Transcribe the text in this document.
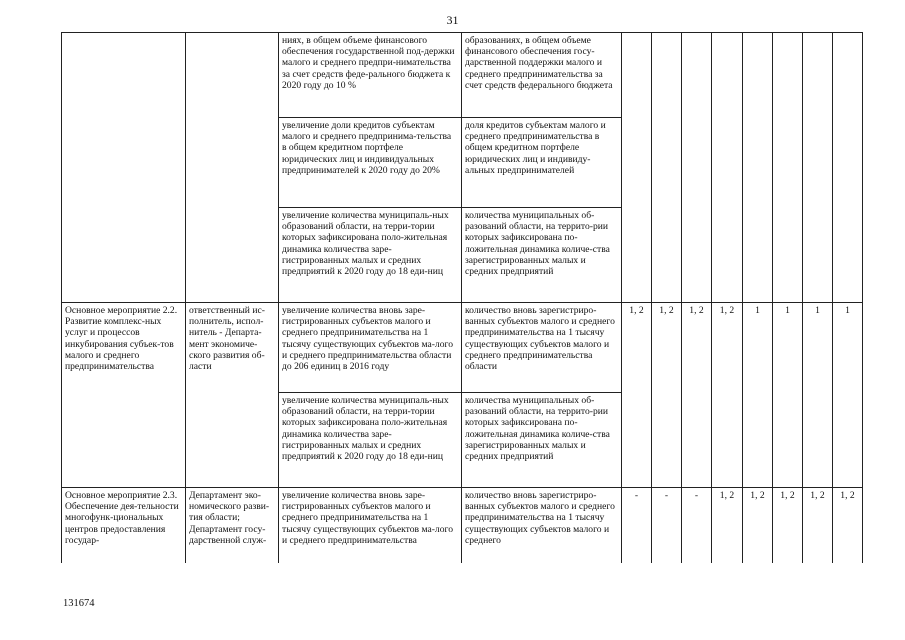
31

		ниях, в общем объеме финансового обеспечения государственной под-держки малого и среднего предпри-нимательства за счет средств феде-рального бюджета к 2020 году до 10 %	образованиях, в общем объеме финансового обеспечения госу-дарственной поддержки малого и среднего предпринимательства за счет средств федерального бюджета								

		увеличение доли кредитов субъектам малого и среднего предпринима-тельства в общем кредитном портфеле юридических лиц и индивидуальных предпринимателей к 2020 году до 20%	доля кредитов субъектам малого и среднего предпринимательства в общем кредитном портфеле юридических лиц и индивиду-альных предпринимателей								

		увеличение количества муниципаль-ных образований области, на терри-тории которых зафиксирована поло-жительная динамика количества заре-гистрированных малых и средних предприятий к 2020 году до 18 еди-ниц	количества муниципальных об-разований области, на террито-рии которых зафиксирована по-ложительная динамика количе-ства зарегистрированных малых и средних предприятий								

Основное мероприятие 2.2. Развитие комплекс-ных услуг и процессов инкубирования субъек-тов малого и среднего предпринимательства	ответственный ис-полнитель, испол-нитель - Департа-мент экономиче-ского развития об-ласти	увеличение количества вновь заре-гистрированных субъектов малого и среднего предпринимательства на 1 тысячу существующих субъектов ма-лого и среднего предпринимательства области до 206 единиц в 2016 году	количество вновь зарегистриро-ванных субъектов малого и среднего предпринимательства на 1 тысячу существующих субъектов малого и среднего предпринимательства области	1, 2	1, 2	1, 2	1, 2	1	1	1	1

		увеличение количества муниципаль-ных образований области, на терри-тории которых зафиксирована поло-жительная динамика количества заре-гистрированных малых и средних предприятий к 2020 году до 18 еди-ниц	количества муниципальных об-разований области, на террито-рии которых зафиксирована по-ложительная динамика количе-ства зарегистрированных малых и средних предприятий								

Основное мероприятие 2.3. Обеспечение дея-тельности многофунк-циональных центров предоставления государ-	Департамент эко-номического разви-тия области; Департамент госу-дарственной служ-	увеличение количества вновь заре-гистрированных субъектов малого и среднего предпринимательства на 1 тысячу существующих субъектов ма-лого и среднего предпринимательства	количество вновь зарегистриро-ванных субъектов малого и среднего предпринимательства на 1 тысячу существующих субъектов малого и среднего	-	-	-	1, 2	1, 2	1, 2	1, 2	1, 2
131674
